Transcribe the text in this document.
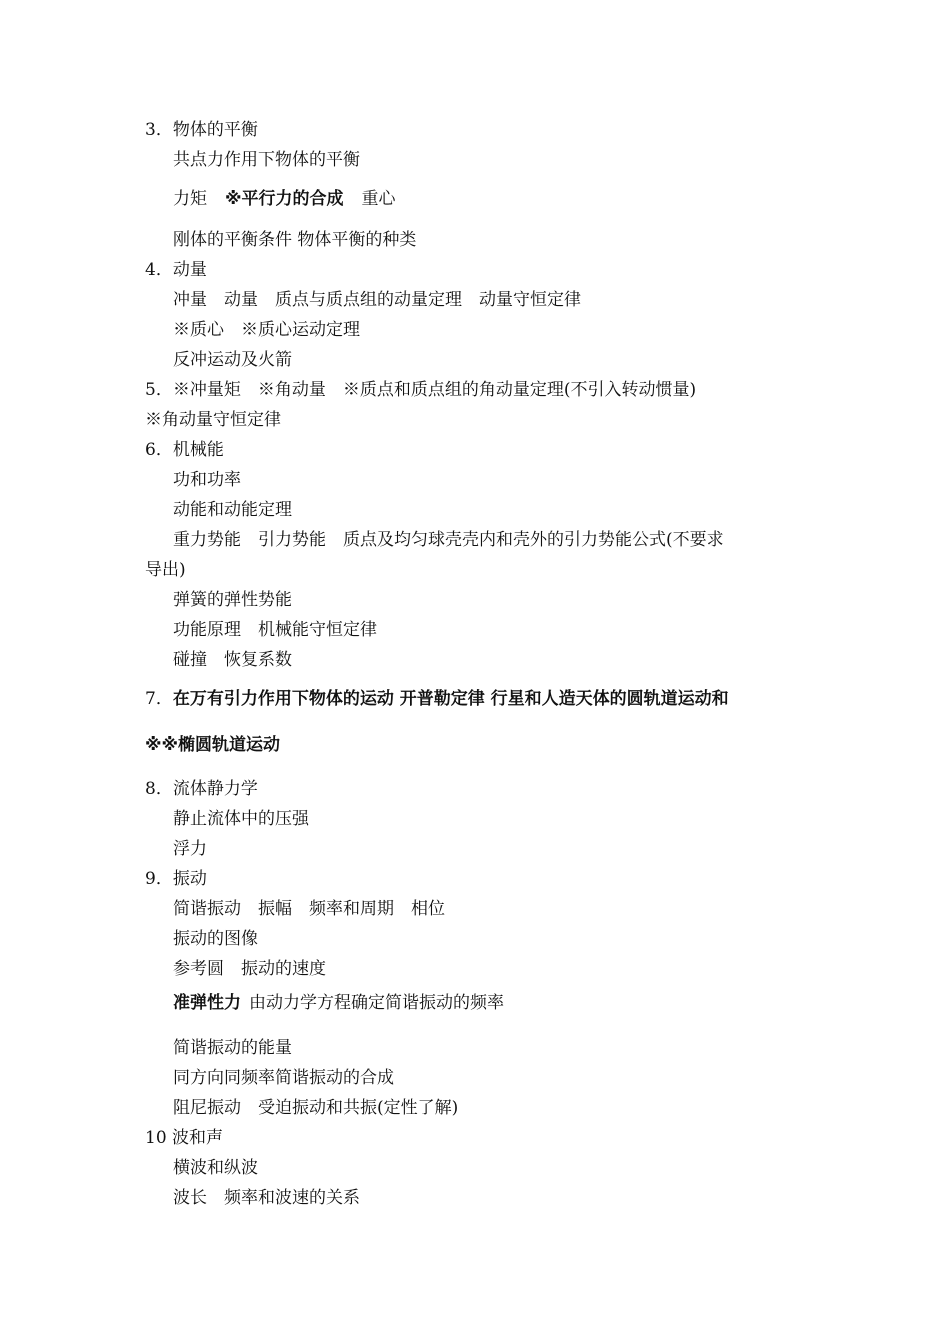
3．物体的平衡
共点力作用下物体的平衡
力矩 ※平行力的合成 重心
刚体的平衡条件 物体平衡的种类
4．动量
冲量　动量　质点与质点组的动量定理　动量守恒定律
※质心　※质心运动定理
反冲运动及火箭
5．※冲量矩　※角动量　※质点和质点组的角动量定理(不引入转动惯量)
※角动量守恒定律
6．机械能
功和功率
动能和动能定理
重力势能　引力势能　质点及均匀球壳壳内和壳外的引力势能公式(不要求
导出)
弹簧的弹性势能
功能原理　机械能守恒定律
碰撞　恢复系数
7．在万有引力作用下物体的运动 开普勒定律 行星和人造天体的圆轨道运动和
※※椭圆轨道运动
8．流体静力学
静止流体中的压强
浮力
9．振动
简谐振动　振幅　频率和周期　相位
振动的图像
参考圆　振动的速度
准弹性力 由动力学方程确定简谐振动的频率
简谐振动的能量
同方向同频率简谐振动的合成
阻尼振动　受迫振动和共振(定性了解)
10 波和声
横波和纵波
波长　频率和波速的关系
